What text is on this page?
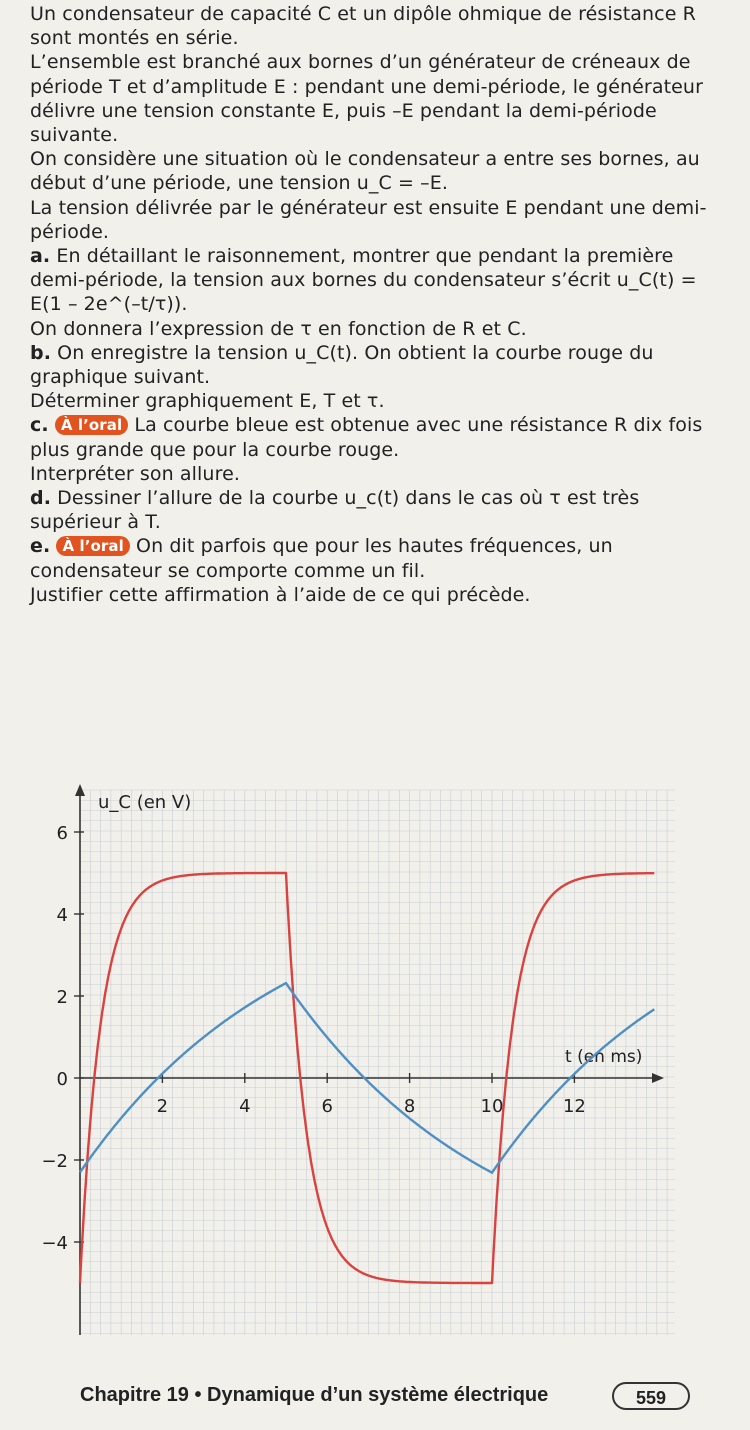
Un condensateur de capacité C et un dipôle ohmique de résistance R sont montés en série.

L’ensemble est branché aux bornes d’un générateur de créneaux de période T et d’amplitude E : pendant une demi-période, le générateur délivre une tension constante E, puis –E pendant la demi-période suivante.

On considère une situation où le condensateur a entre ses bornes, au début d’une période, une tension u_C = –E.

La tension délivrée par le générateur est ensuite E pendant une demi-période.

a. En détaillant le raisonnement, montrer que pendant la première demi-période, la tension aux bornes du condensateur s’écrit u_C(t) = E(1 – 2e^(–t/τ)).

On donnera l’expression de τ en fonction de R et C.

b. On enregistre la tension u_C(t). On obtient la courbe rouge du graphique suivant.

Déterminer graphiquement E, T et τ.

c. À l’oral La courbe bleue est obtenue avec une résistance R dix fois plus grande que pour la courbe rouge.

Interpréter son allure.

d. Dessiner l’allure de la courbe u_c(t) dans le cas où τ est très supérieur à T.

e. À l’oral On dit parfois que pour les hautes fréquences, un condensateur se comporte comme un fil.

Justifier cette affirmation à l’aide de ce qui précède.

u_C (en V)
t (en ms)
2	4	6	8	10	12
6
4
2
0
−2
−4
Chapitre 19 • Dynamique d’un système électrique	559
